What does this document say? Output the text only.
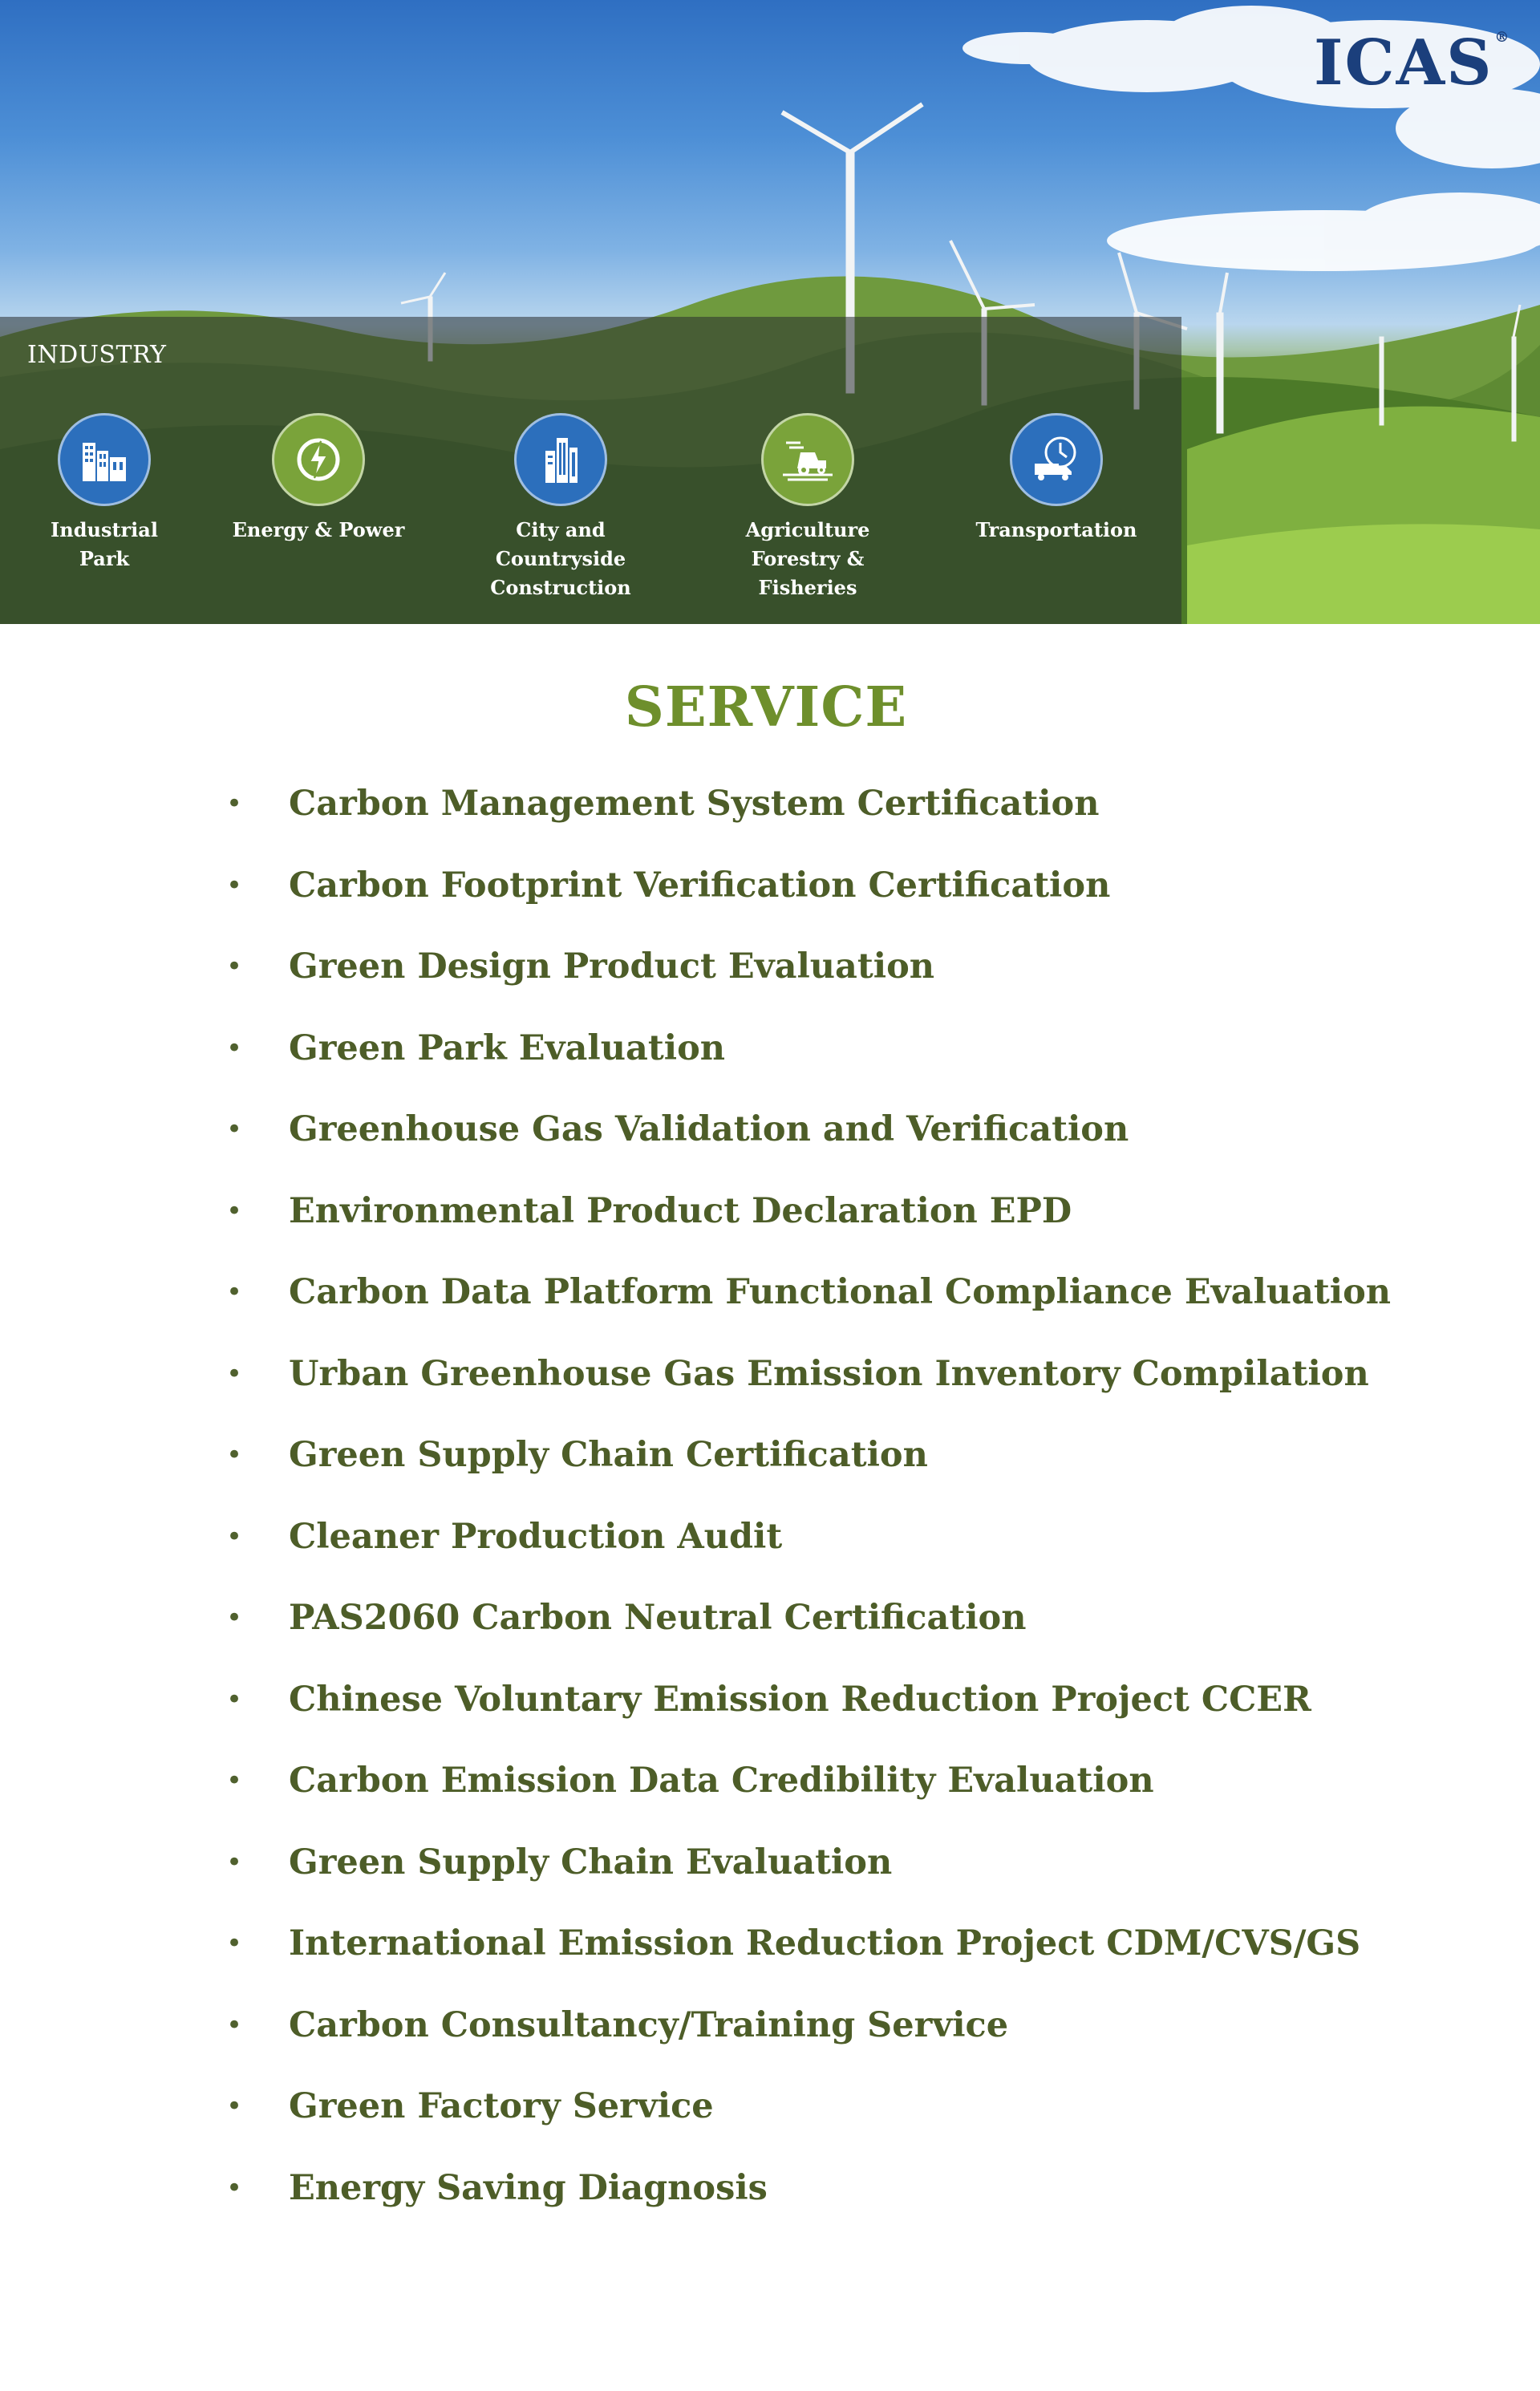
ICAS ®
INDUSTRY
Industrial
Park
Energy & Power	City and
Countryside
Construction
Agriculture
Forestry &
Fisheries
Transportation
SERVICE
•	Carbon Management System Certification
•	Carbon Footprint Verification Certification
•	Green Design Product Evaluation
•	Green Park Evaluation
•	Greenhouse Gas Validation and Verification
•	Environmental Product Declaration EPD
•	Carbon Data Platform Functional Compliance Evaluation
•	Urban Greenhouse Gas Emission Inventory Compilation
•	Green Supply Chain Certification
•	Cleaner Production Audit
•	PAS2060 Carbon Neutral Certification
•	Chinese Voluntary Emission Reduction Project CCER
•	Carbon Emission Data Credibility Evaluation
•	Green Supply Chain Evaluation
•	International Emission Reduction Project CDM/CVS/GS
•	Carbon Consultancy/Training Service
•	Green Factory Service
•	Energy Saving Diagnosis
